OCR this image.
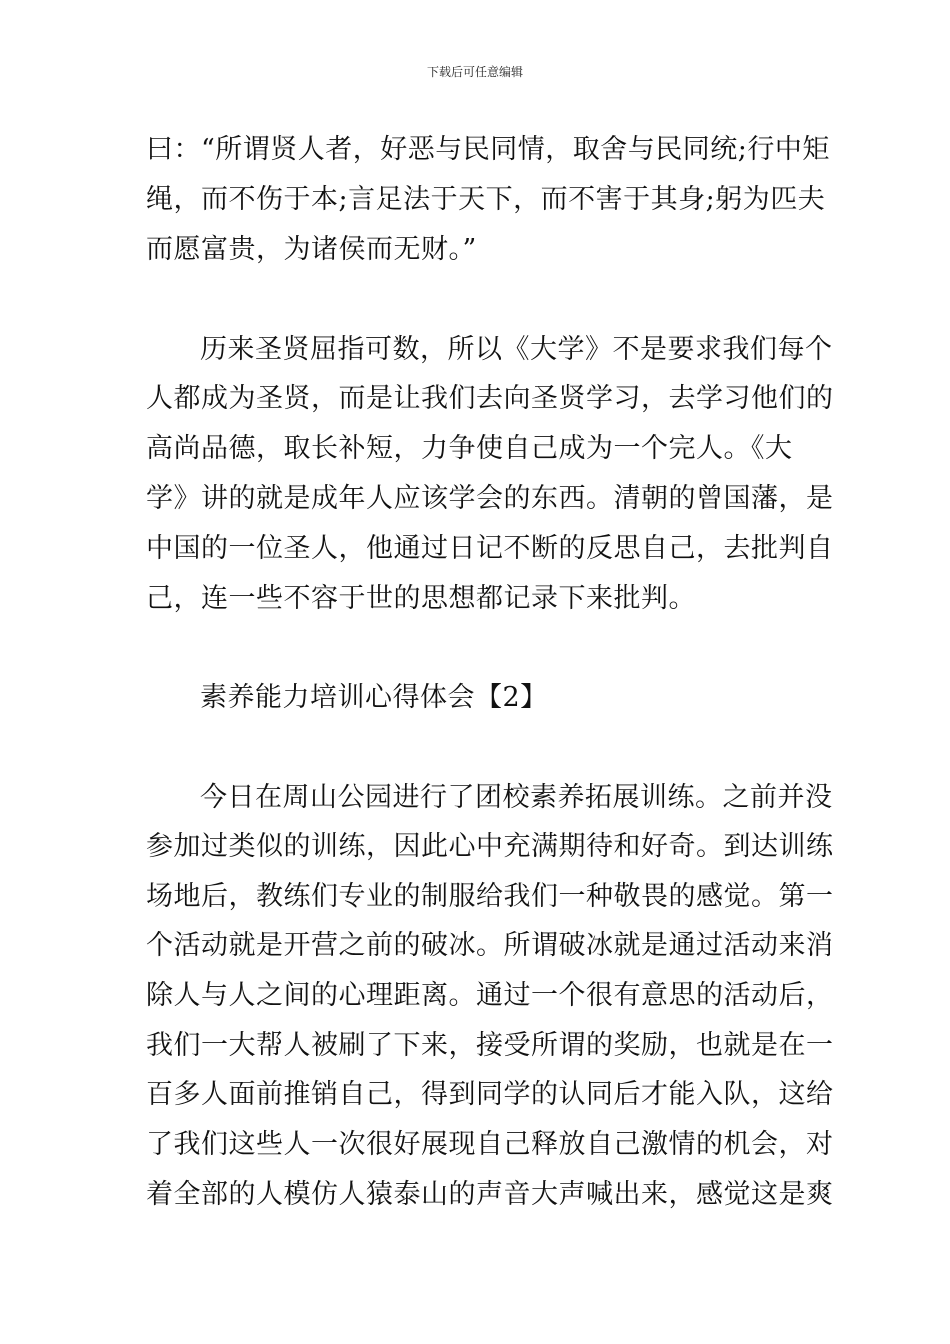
下载后可任意编辑
曰：“所谓贤人者，好恶与民同情，取舍与民同统;行中矩
绳，而不伤于本;言足法于天下，而不害于其身;躬为匹夫
而愿富贵，为诸侯而无财。”
历来圣贤屈指可数，所以《大学》不是要求我们每个
人都成为圣贤，而是让我们去向圣贤学习，去学习他们的
高尚品德，取长补短，力争使自己成为一个完人。《大
学》讲的就是成年人应该学会的东西。清朝的曾国藩，是
中国的一位圣人，他通过日记不断的反思自己，去批判自
己，连一些不容于世的思想都记录下来批判。
素养能力培训心得体会【2】
今日在周山公园进行了团校素养拓展训练。之前并没
参加过类似的训练，因此心中充满期待和好奇。到达训练
场地后，教练们专业的制服给我们一种敬畏的感觉。第一
个活动就是开营之前的破冰。所谓破冰就是通过活动来消
除人与人之间的心理距离。通过一个很有意思的活动后，
我们一大帮人被刷了下来，接受所谓的奖励，也就是在一
百多人面前推销自己，得到同学的认同后才能入队，这给
了我们这些人一次很好展现自己释放自己激情的机会，对
着全部的人模仿人猿泰山的声音大声喊出来，感觉这是爽
